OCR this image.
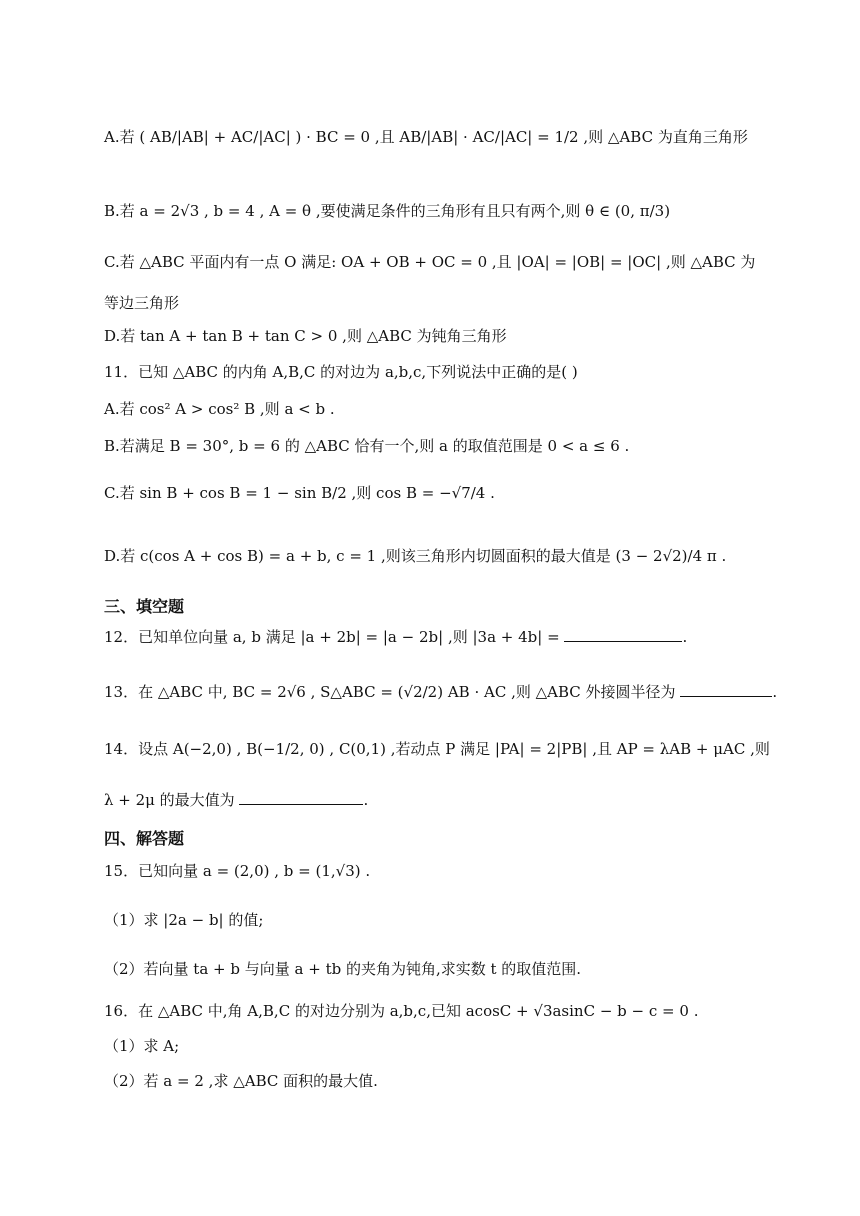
A.若 ( AB/|AB| + AC/|AC| ) · BC = 0 ,且 AB/|AB| · AC/|AC| = 1/2 ,则 △ABC 为直角三角形
B.若 a = 2√3 , b = 4 , A = θ ,要使满足条件的三角形有且只有两个,则 θ ∈ (0, π/3)
C.若 △ABC 平面内有一点 O 满足: OA + OB + OC = 0 ,且 |OA| = |OB| = |OC| ,则 △ABC 为
等边三角形
D.若 tan A + tan B + tan C > 0 ,则 △ABC 为钝角三角形
11．已知 △ABC 的内角 A,B,C 的对边为 a,b,c,下列说法中正确的是( )
A.若 cos² A > cos² B ,则 a < b .
B.若满足 B = 30°, b = 6 的 △ABC 恰有一个,则 a 的取值范围是 0 < a ≤ 6 .
C.若 sin B + cos B = 1 − sin B/2 ,则 cos B = −√7/4 .
D.若 c(cos A + cos B) = a + b, c = 1 ,则该三角形内切圆面积的最大值是 (3 − 2√2)/4 π .
三、填空题
12．已知单位向量 a, b 满足 |a + 2b| = |a − 2b| ,则 |3a + 4b| =	.
13．在 △ABC 中, BC = 2√6 , S△ABC = (√2/2) AB · AC ,则 △ABC 外接圆半径为	.
14．设点 A(−2,0) , B(−1/2, 0) , C(0,1) ,若动点 P 满足 |PA| = 2|PB| ,且 AP = λAB + μAC ,则
λ + 2μ 的最大值为	.
四、解答题
15．已知向量 a = (2,0) , b = (1,√3) .
（1）求 |2a − b| 的值;
（2）若向量 ta + b 与向量 a + tb 的夹角为钝角,求实数 t 的取值范围.
16．在 △ABC 中,角 A,B,C 的对边分别为 a,b,c,已知 acosC + √3asinC − b − c = 0 .
（1）求 A;
（2）若 a = 2 ,求 △ABC 面积的最大值.
